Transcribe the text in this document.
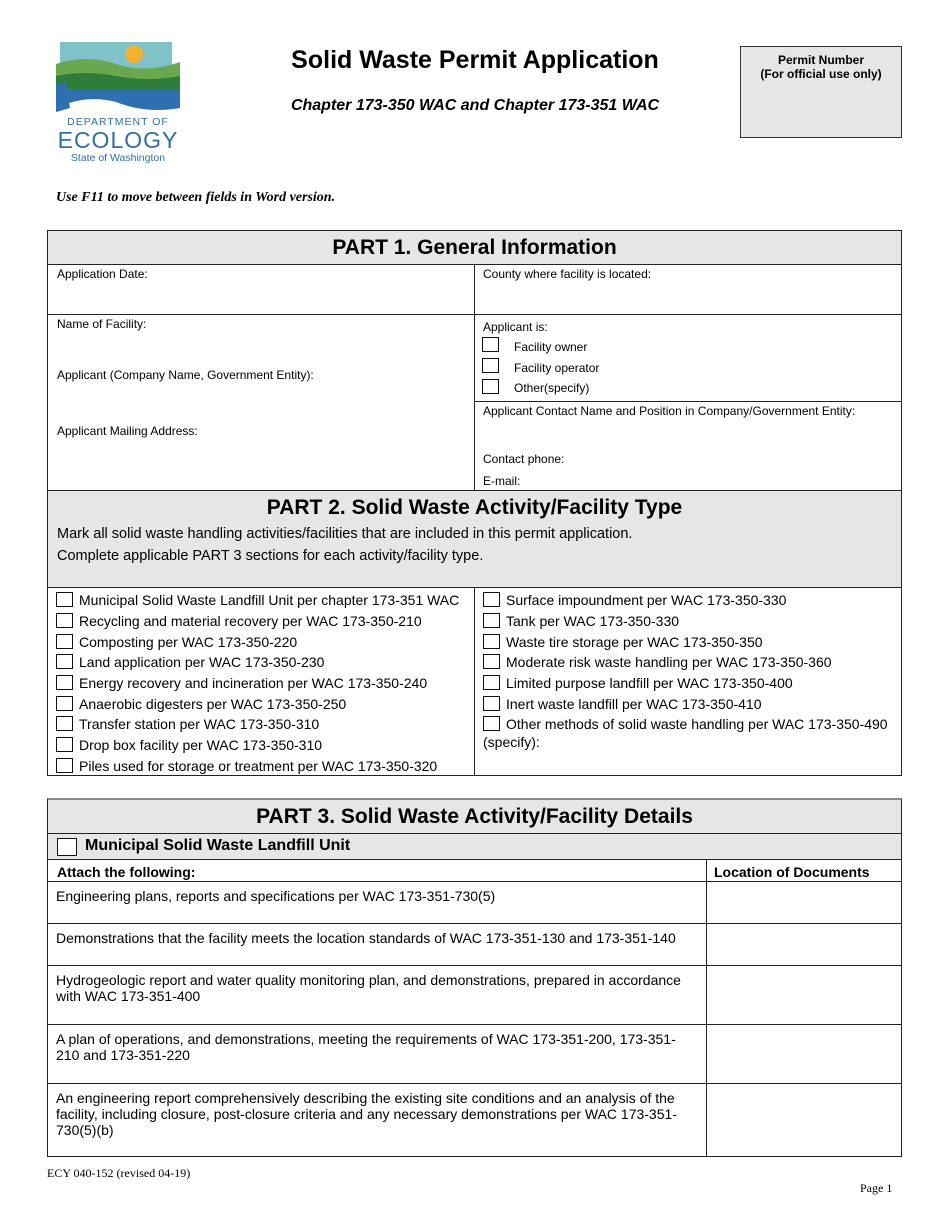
DEPARTMENT OF
ECOLOGY
State of Washington
Solid Waste Permit Application
Chapter 173-350 WAC and Chapter 173-351 WAC
Permit Number
(For official use only)
Use F11 to move between fields in Word version.
PART 1. General Information
Application Date:	County where facility is located:
Name of Facility:
Applicant (Company Name, Government Entity):
Applicant Mailing Address:
Applicant is:
Facility owner
Facility operator
Other(specify)
Applicant Contact Name and Position in Company/Government Entity:
Contact phone:
E-mail:
PART 2. Solid Waste Activity/Facility Type
Mark all solid waste handling activities/facilities that are included in this permit application.
Complete applicable PART 3 sections for each activity/facility type.
Municipal Solid Waste Landfill Unit per chapter 173-351 WAC
Recycling and material recovery per WAC 173-350-210
Composting per WAC 173-350-220
Land application per WAC 173-350-230
Energy recovery and incineration per WAC 173-350-240
Anaerobic digesters per WAC 173-350-250
Transfer station per WAC 173-350-310
Drop box facility per WAC 173-350-310
Piles used for storage or treatment per WAC 173-350-320
Surface impoundment per WAC 173-350-330
Tank per WAC 173-350-330
Waste tire storage per WAC 173-350-350
Moderate risk waste handling per WAC 173-350-360
Limited purpose landfill per WAC 173-350-400
Inert waste landfill per WAC 173-350-410
Other methods of solid waste handling per WAC 173-350-490
(specify):
PART 3. Solid Waste Activity/Facility Details
Municipal Solid Waste Landfill Unit
Attach the following:	Location of Documents
Engineering plans, reports and specifications per WAC 173-351-730(5)
Demonstrations that the facility meets the location standards of WAC 173-351-130 and 173-351-140
Hydrogeologic report and water quality monitoring plan, and demonstrations, prepared in accordance with WAC 173-351-400
A plan of operations, and demonstrations, meeting the requirements of WAC 173-351-200, 173-351-210 and 173-351-220
An engineering report comprehensively describing the existing site conditions and an analysis of the facility, including closure, post-closure criteria and any necessary demonstrations per WAC 173-351-730(5)(b)
ECY 040-152 (revised 04-19)
Page 1
